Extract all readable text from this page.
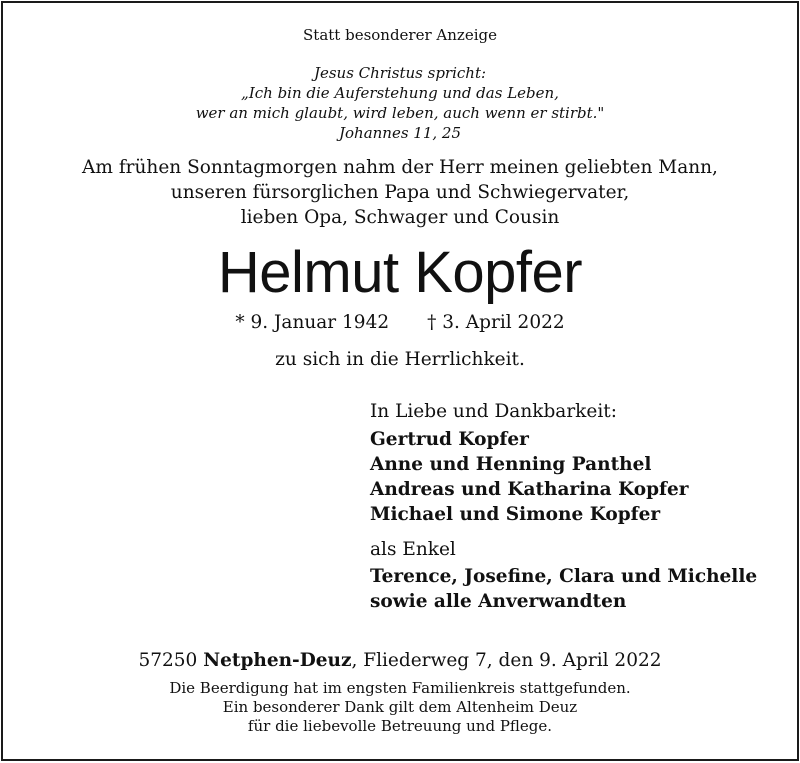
Statt besonderer Anzeige
Jesus Christus spricht:
„Ich bin die Auferstehung und das Leben,
wer an mich glaubt, wird leben, auch wenn er stirbt."
Johannes 11, 25
Am frühen Sonntagmorgen nahm der Herr meinen geliebten Mann,
unseren fürsorglichen Papa und Schwiegervater,
lieben Opa, Schwager und Cousin
Helmut Kopfer
* 9. Januar 1942 † 3. April 2022
zu sich in die Herrlichkeit.
In Liebe und Dankbarkeit:
Gertrud Kopfer
Anne und Henning Panthel
Andreas und Katharina Kopfer
Michael und Simone Kopfer
als Enkel
Terence, Josefine, Clara und Michelle
sowie alle Anverwandten
57250 Netphen-Deuz, Fliederweg 7, den 9. April 2022
Die Beerdigung hat im engsten Familienkreis stattgefunden.
Ein besonderer Dank gilt dem Altenheim Deuz
für die liebevolle Betreuung und Pflege.
